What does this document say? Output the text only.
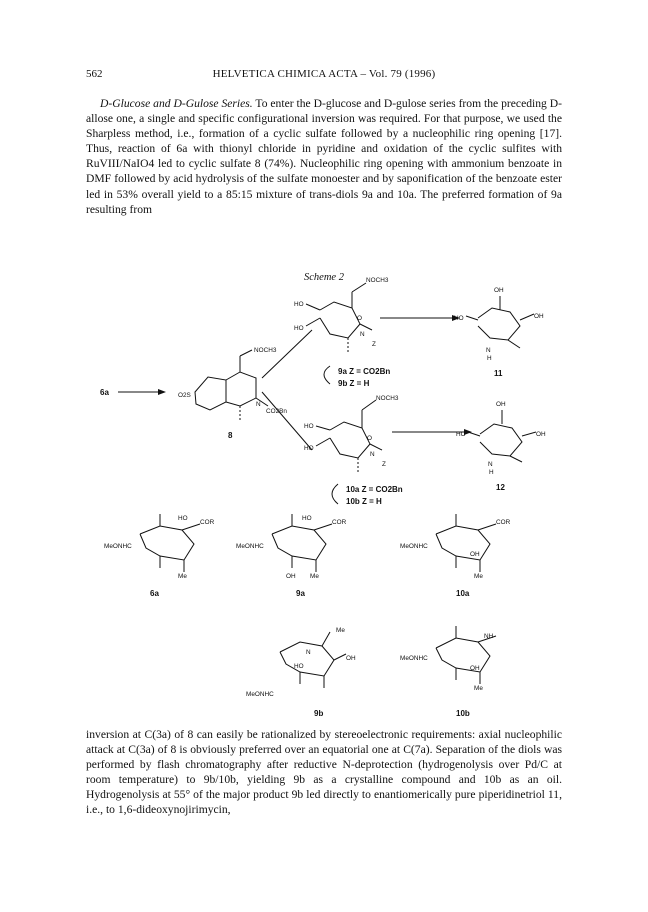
562	HELVETICA CHIMICA ACTA – Vol. 79 (1996)

D-Glucose and D-Gulose Series. To enter the D-glucose and D-gulose series from the preceding D-allose one, a single and specific configurational inversion was required. For that purpose, we used the Sharpless method, i.e., formation of a cyclic sulfate followed by a nucleophilic ring opening [17]. Thus, reaction of 6a with thionyl chloride in pyridine and oxidation of the cyclic sulfites with RuVIII/NaIO4 led to cyclic sulfate 8 (74%). Nucleophilic ring opening with ammonium benzoate in DMF followed by acid hydrolysis of the sulfate monoester and by saponification of the benzoate ester led in 53% overall yield to a 85:15 mixture of trans-diols 9a and 10a. The preferred formation of 9a resulting from

Scheme 2
6a	O2S
NOCH3
N
CO2Bn
8
NOCH3
HO
HO
O
N
Z
9a Z = CO2Bn
9b Z = H
OH
HO	OH
N
H
11
NOCH3
HO
HO
O
N
Z
10a Z = CO2Bn
10b Z = H
OH
HO	OH
N
H
12
MeONHC
HO
COR
Me
6a
MeONHC
HO
COR
OH Me
9a
MeONHC
COR
OH
Me
10a
MeONHC
HO
OH
Me
N
9b
MeONHC
NH
OH
Me
10b

inversion at C(3a) of 8 can easily be rationalized by stereoelectronic requirements: axial nucleophilic attack at C(3a) of 8 is obviously preferred over an equatorial one at C(7a). Separation of the diols was performed by flash chromatography after reductive N-deprotection (hydrogenolysis over Pd/C at room temperature) to 9b/10b, yielding 9b as a crystalline compound and 10b as an oil. Hydrogenolysis at 55° of the major product 9b led directly to enantiomerically pure piperidinetriol 11, i.e., to 1,6-dideoxynojirimycin,
